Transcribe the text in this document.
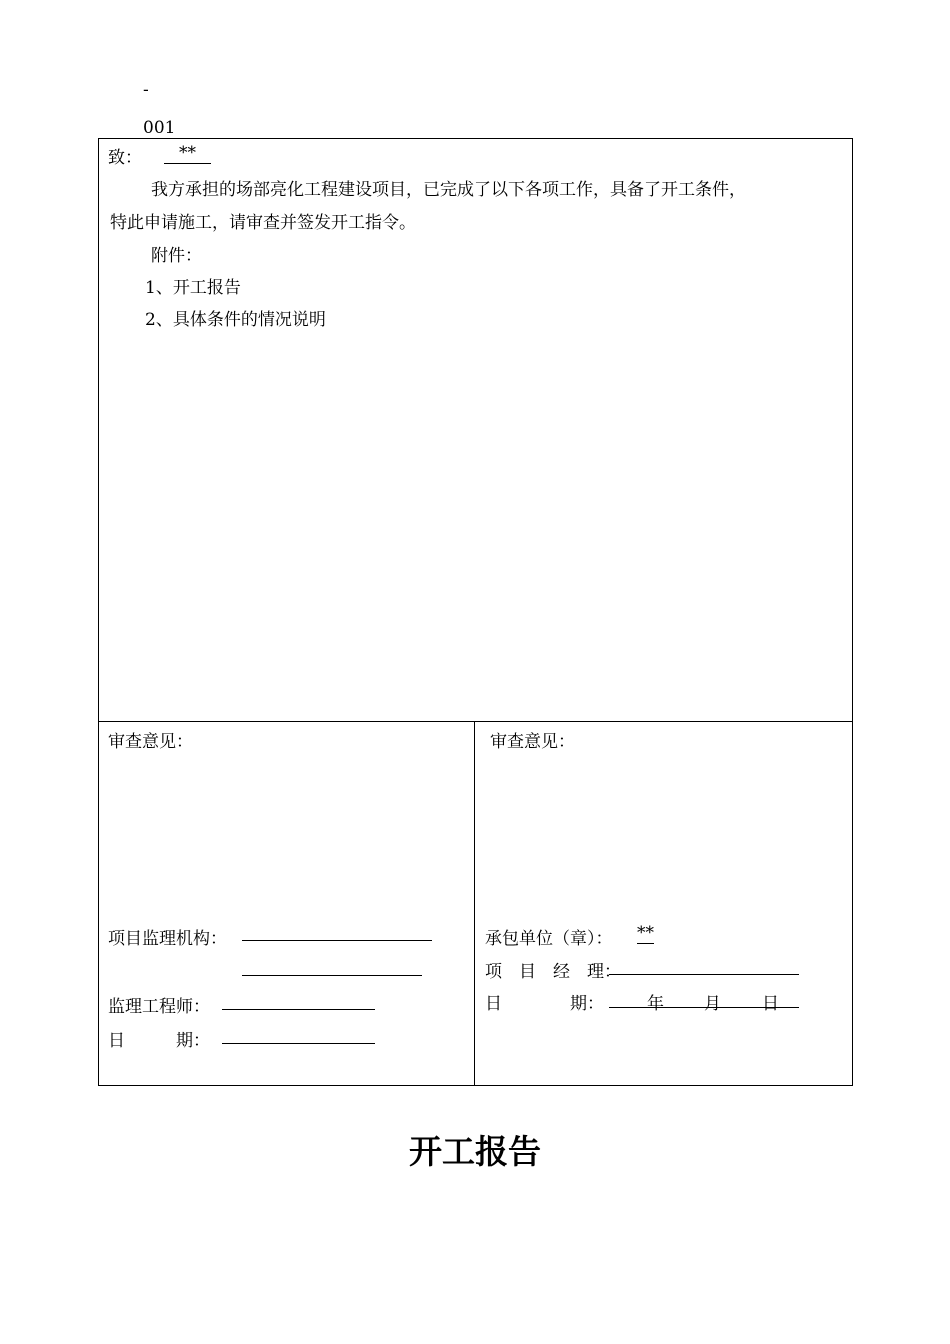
-
001
致：	**
我方承担的场部亮化工程建设项目，已完成了以下各项工作，具备了开工条件，
特此申请施工，请审查并签发开工指令。
附件：
1、开工报告
2、具体条件的情况说明
审查意见：
项目监理机构：
监理工程师：
日　　　期：
审查意见：
承包单位（章）： **
项　目　经　理：
日　　　　期：	年 月 日
开工报告
